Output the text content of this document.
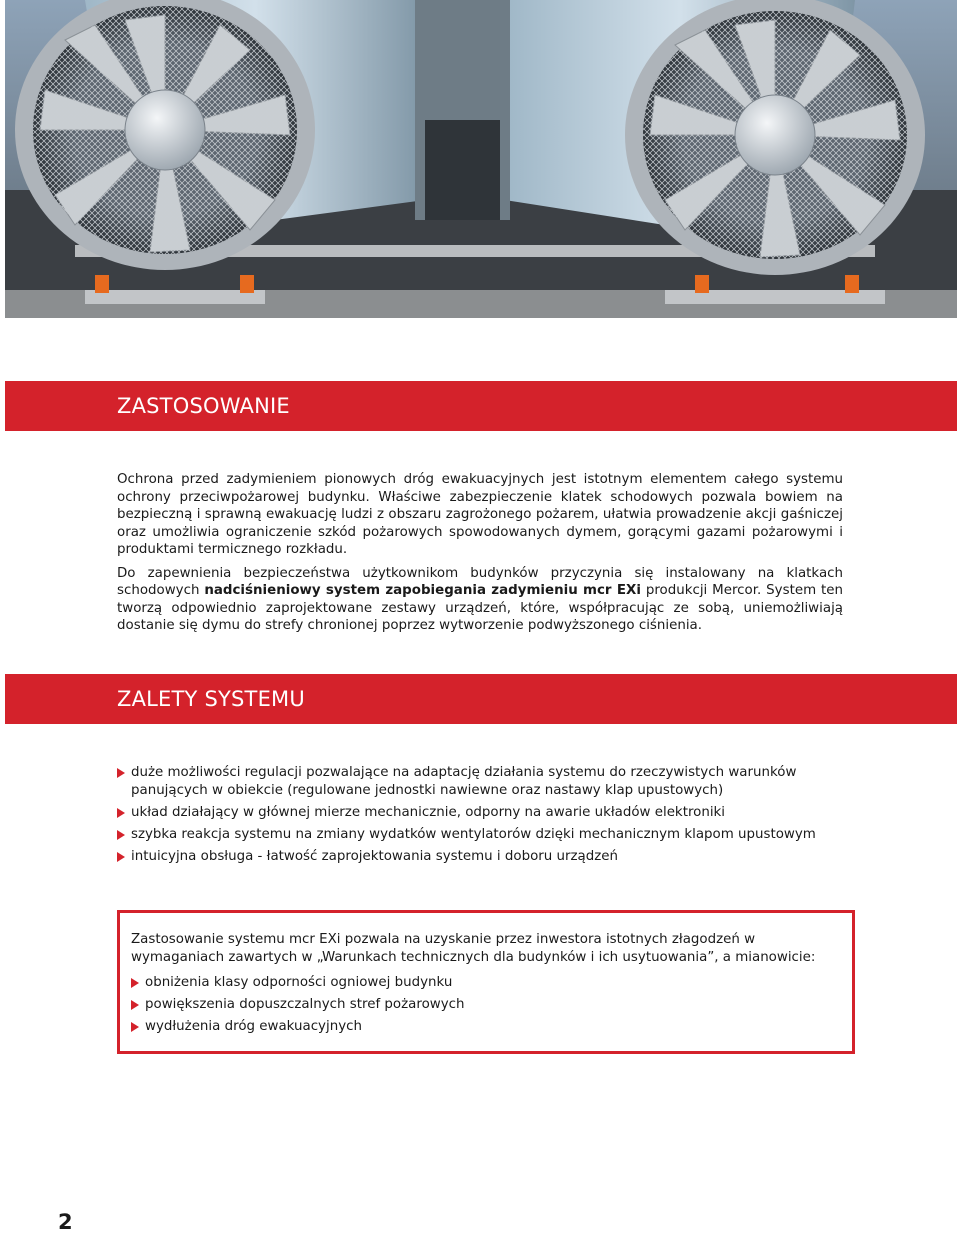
ZASTOSOWANIE

Ochrona przed zadymieniem pionowych dróg ewakuacyjnych jest istotnym elementem całego systemu ochrony przeciwpożarowej budynku. Właściwe zabezpieczenie klatek schodowych pozwala bowiem na bezpieczną i sprawną ewakuację ludzi z obszaru zagrożonego pożarem, ułatwia prowadzenie akcji gaśniczej oraz umożliwia ograniczenie szkód pożarowych spowodowanych dymem, gorącymi gazami pożarowymi i produktami termicznego rozkładu.

Do zapewnienia bezpieczeństwa użytkownikom budynków przyczynia się instalowany na klatkach schodowych nadciśnieniowy system zapobiegania zadymieniu mcr EXi produkcji Mercor. System ten tworzą odpowiednio zaprojektowane zestawy urządzeń, które, współpracując ze sobą, uniemożliwiają dostanie się dymu do strefy chronionej poprzez wytworzenie podwyższonego ciśnienia.

ZALETY SYSTEMU
duże możliwości regulacji pozwalające na adaptację działania systemu do rzeczywistych warunków panujących w obiekcie (regulowane jednostki nawiewne oraz nastawy klap upustowych)
układ działający w głównej mierze mechanicznie, odporny na awarie układów elektroniki
szybka reakcja systemu na zmiany wydatków wentylatorów dzięki mechanicznym klapom upustowym
intuicyjna obsługa - łatwość zaprojektowania systemu i doboru urządzeń

Zastosowanie systemu mcr EXi pozwala na uzyskanie przez inwestora istotnych złagodzeń w wymaganiach zawartych w „Warunkach technicznych dla budynków i ich usytuowania”, a mianowicie:

obniżenia klasy odporności ogniowej budynku
powiększenia dopuszczalnych stref pożarowych
wydłużenia dróg ewakuacyjnych
2
